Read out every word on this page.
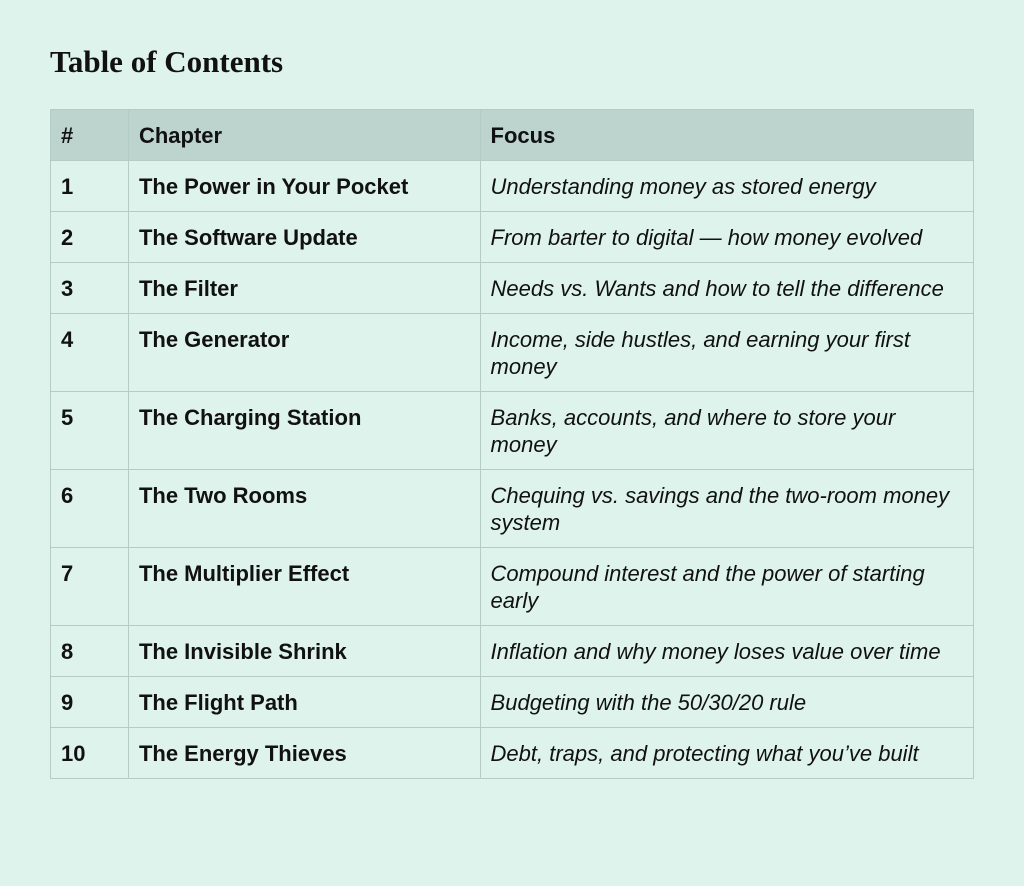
Table of Contents
#	Chapter	Focus
1	The Power in Your Pocket	Understanding money as stored energy
2	The Software Update	From barter to digital — how money evolved
3	The Filter	Needs vs. Wants and how to tell the difference
4	The Generator	Income, side hustles, and earning your first money
5	The Charging Station	Banks, accounts, and where to store your money
6	The Two Rooms	Chequing vs. savings and the two-room money system
7	The Multiplier Effect	Compound interest and the power of starting early
8	The Invisible Shrink	Inflation and why money loses value over time
9	The Flight Path	Budgeting with the 50/30/20 rule
10	The Energy Thieves	Debt, traps, and protecting what you’ve built
